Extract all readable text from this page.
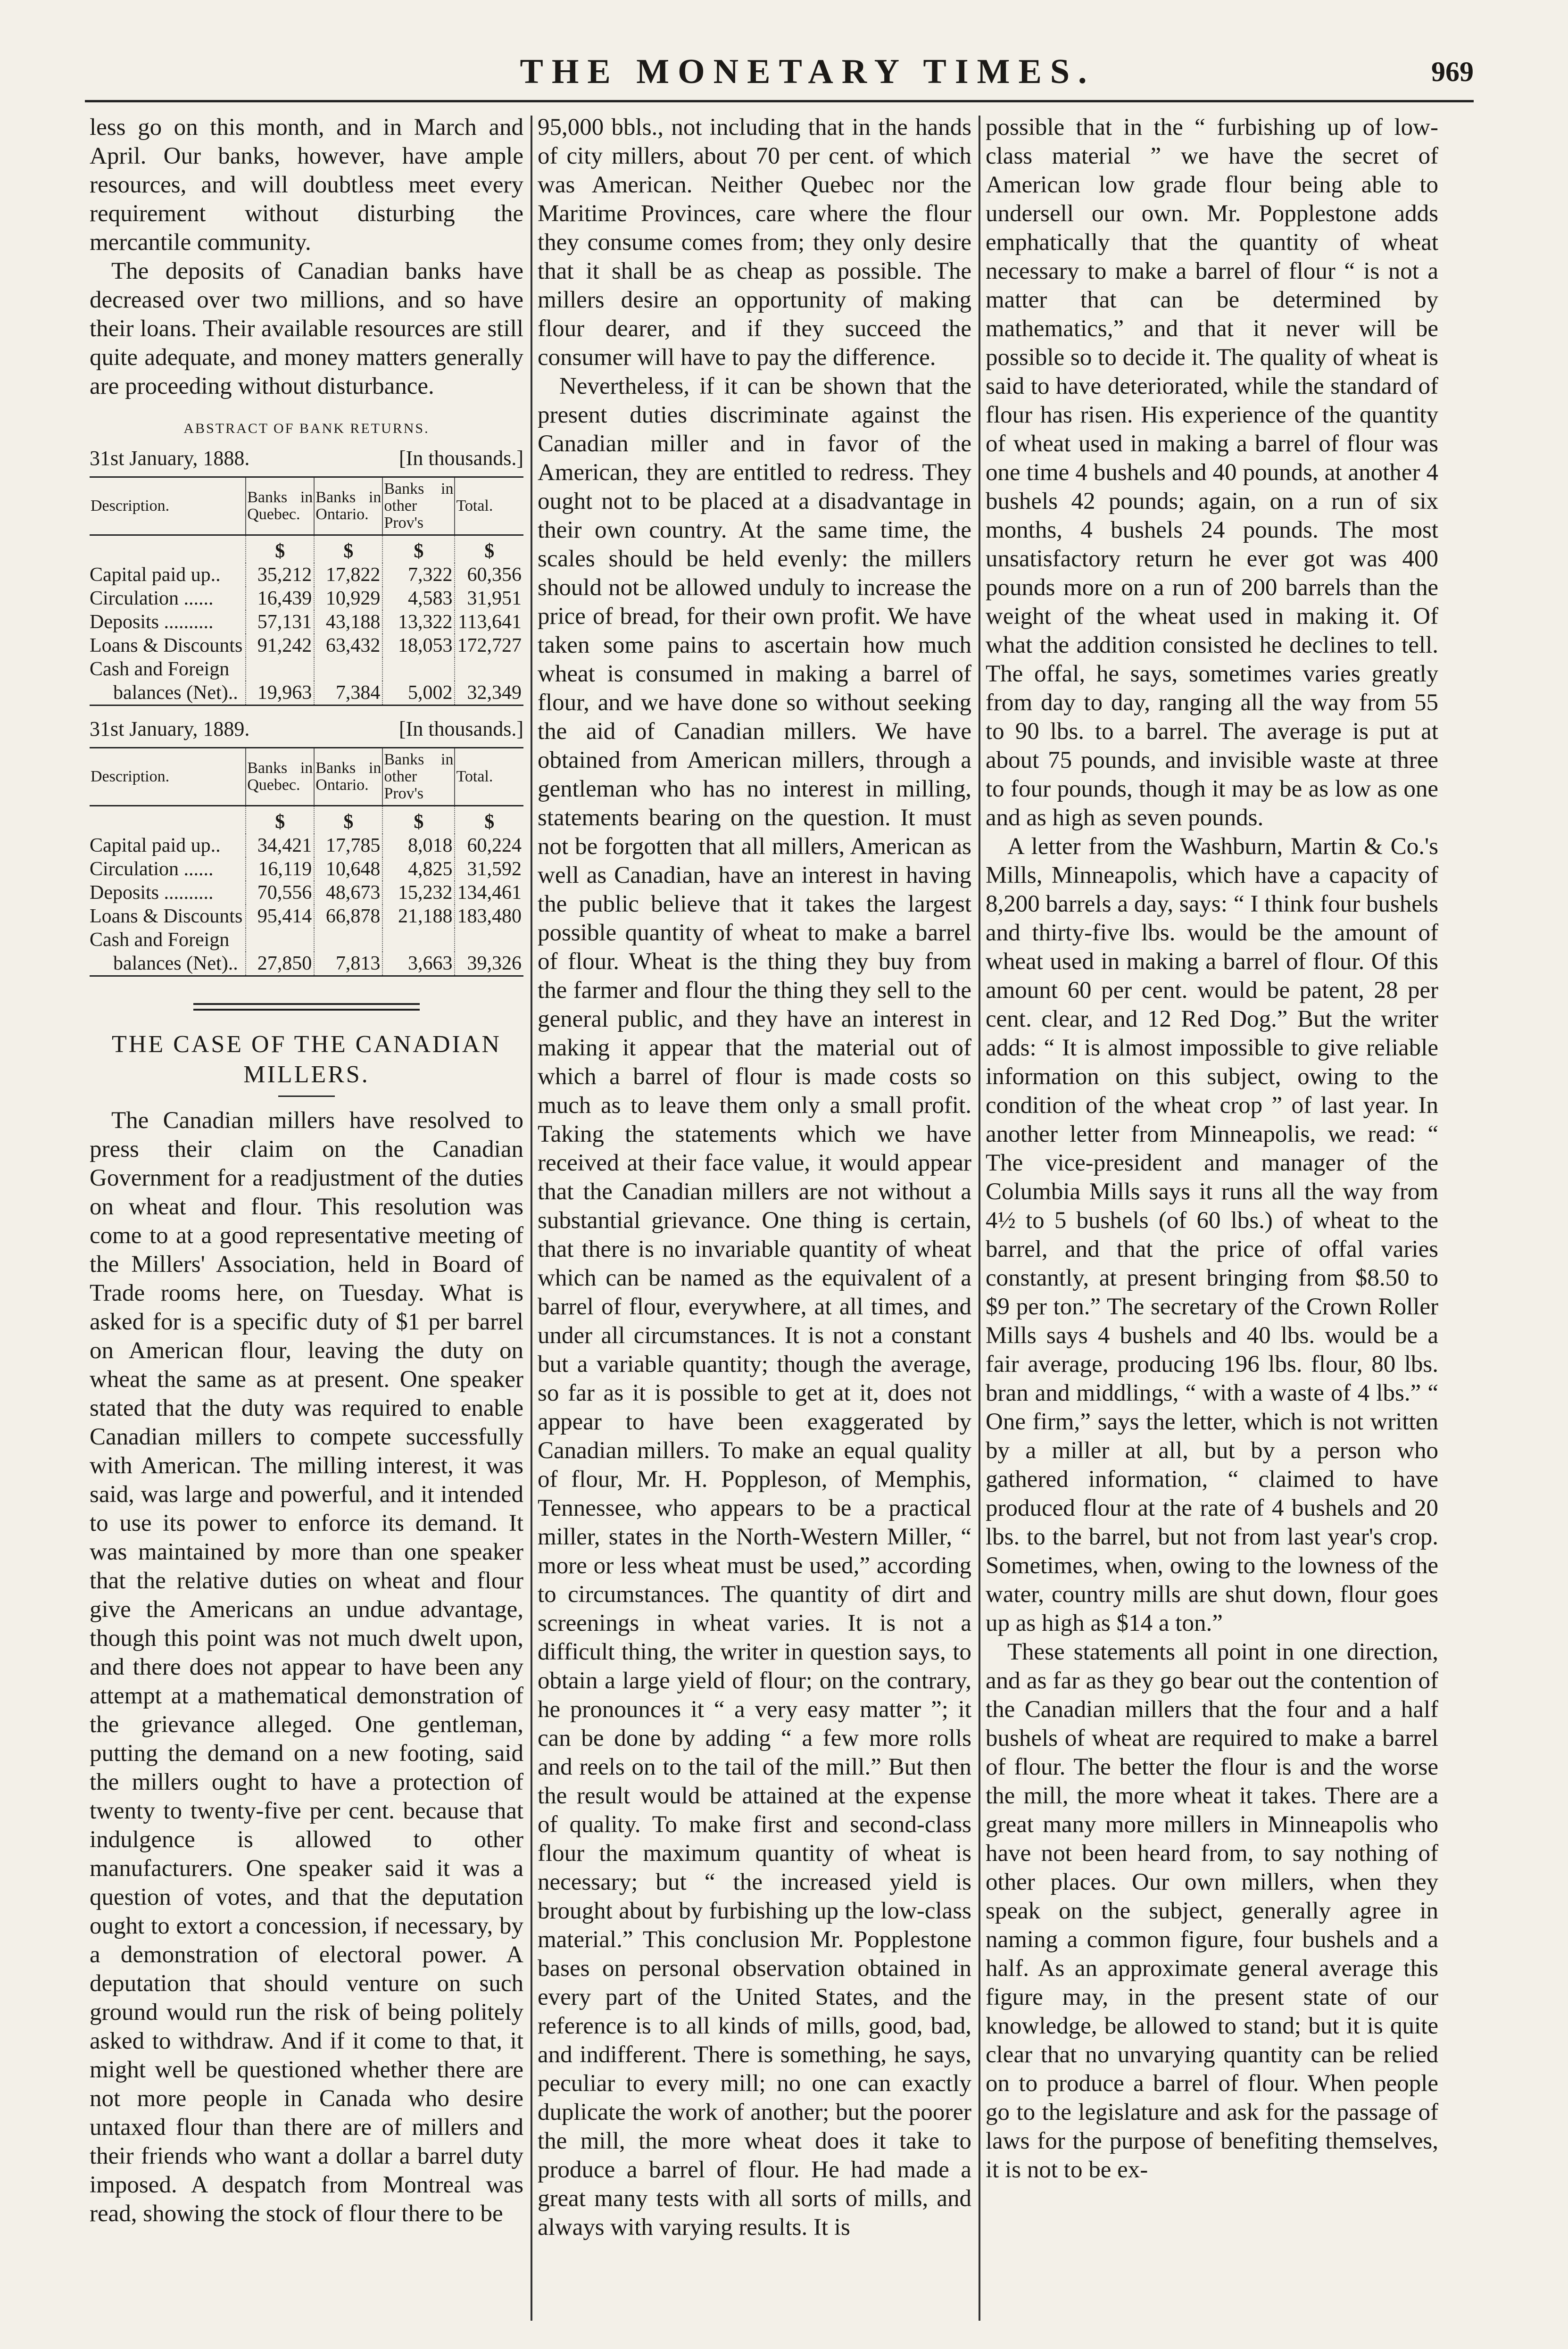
THE MONETARY TIMES.	969

less go on this month, and in March and April. Our banks, however, have ample resources, and will doubtless meet every requirement without disturbing the mercantile community.

The deposits of Canadian banks have decreased over two millions, and so have their loans. Their available resources are still quite adequate, and money matters generally are proceeding without disturbance.

ABSTRACT OF BANK RETURNS.
31st January, 1888.	[In thousands.]
Description.	Banks in Quebec.	Banks in Ontario.	Banks in other Prov's	Total.
	$	$	$	$
Capital paid up..	35,212	17,822	7,322	60,356
Circulation ......	16,439	10,929	4,583	31,951
Deposits ..........	57,131	43,188	13,322	113,641
Loans & Discounts	91,242	63,432	18,053	172,727
Cash and Foreign				
balances (Net)..	19,963	7,384	5,002	32,349
31st January, 1889.	[In thousands.]
Description.	Banks in Quebec.	Banks in Ontario.	Banks in other Prov's	Total.
	$	$	$	$
Capital paid up..	34,421	17,785	8,018	60,224
Circulation ......	16,119	10,648	4,825	31,592
Deposits ..........	70,556	48,673	15,232	134,461
Loans & Discounts	95,414	66,878	21,188	183,480
Cash and Foreign				
balances (Net)..	27,850	7,813	3,663	39,326
THE CASE OF THE CANADIAN MILLERS.

The Canadian millers have resolved to press their claim on the Canadian Government for a readjustment of the duties on wheat and flour. This resolution was come to at a good representative meeting of the Millers' Association, held in Board of Trade rooms here, on Tuesday. What is asked for is a specific duty of $1 per barrel on American flour, leaving the duty on wheat the same as at present. One speaker stated that the duty was required to enable Canadian millers to compete successfully with American. The milling interest, it was said, was large and powerful, and it intended to use its power to enforce its demand. It was maintained by more than one speaker that the relative duties on wheat and flour give the Americans an undue advantage, though this point was not much dwelt upon, and there does not appear to have been any attempt at a mathematical demonstration of the grievance alleged. One gentleman, putting the demand on a new footing, said the millers ought to have a protection of twenty to twenty-five per cent. because that indulgence is allowed to other manufacturers. One speaker said it was a question of votes, and that the deputation ought to extort a concession, if necessary, by a demonstration of electoral power. A deputation that should venture on such ground would run the risk of being politely asked to withdraw. And if it come to that, it might well be questioned whether there are not more people in Canada who desire untaxed flour than there are of millers and their friends who want a dollar a barrel duty imposed. A despatch from Montreal was read, showing the stock of flour there to be

95,000 bbls., not including that in the hands of city millers, about 70 per cent. of which was American. Neither Quebec nor the Maritime Provinces, care where the flour they consume comes from; they only desire that it shall be as cheap as possible. The millers desire an opportunity of making flour dearer, and if they succeed the consumer will have to pay the difference.

Nevertheless, if it can be shown that the present duties discriminate against the Canadian miller and in favor of the American, they are entitled to redress. They ought not to be placed at a disadvantage in their own country. At the same time, the scales should be held evenly: the millers should not be allowed unduly to increase the price of bread, for their own profit. We have taken some pains to ascertain how much wheat is consumed in making a barrel of flour, and we have done so without seeking the aid of Canadian millers. We have obtained from American millers, through a gentleman who has no interest in milling, statements bearing on the question. It must not be forgotten that all millers, American as well as Canadian, have an interest in having the public believe that it takes the largest possible quantity of wheat to make a barrel of flour. Wheat is the thing they buy from the farmer and flour the thing they sell to the general public, and they have an interest in making it appear that the material out of which a barrel of flour is made costs so much as to leave them only a small profit. Taking the statements which we have received at their face value, it would appear that the Canadian millers are not without a substantial grievance. One thing is certain, that there is no invariable quantity of wheat which can be named as the equivalent of a barrel of flour, everywhere, at all times, and under all circumstances. It is not a constant but a variable quantity; though the average, so far as it is possible to get at it, does not appear to have been exaggerated by Canadian millers. To make an equal quality of flour, Mr. H. Poppleson, of Memphis, Tennessee, who appears to be a practical miller, states in the North-Western Miller, “ more or less wheat must be used,” according to circumstances. The quantity of dirt and screenings in wheat varies. It is not a difficult thing, the writer in question says, to obtain a large yield of flour; on the contrary, he pronounces it “ a very easy matter ”; it can be done by adding “ a few more rolls and reels on to the tail of the mill.” But then the result would be attained at the expense of quality. To make first and second-class flour the maximum quantity of wheat is necessary; but “ the increased yield is brought about by furbishing up the low-class material.” This conclusion Mr. Popplestone bases on personal observation obtained in every part of the United States, and the reference is to all kinds of mills, good, bad, and indifferent. There is something, he says, peculiar to every mill; no one can exactly duplicate the work of another; but the poorer the mill, the more wheat does it take to produce a barrel of flour. He had made a great many tests with all sorts of mills, and always with varying results. It is

possible that in the “ furbishing up of low-class material ” we have the secret of American low grade flour being able to undersell our own. Mr. Popplestone adds emphatically that the quantity of wheat necessary to make a barrel of flour “ is not a matter that can be determined by mathematics,” and that it never will be possible so to decide it. The quality of wheat is said to have deteriorated, while the standard of flour has risen. His experience of the quantity of wheat used in making a barrel of flour was one time 4 bushels and 40 pounds, at another 4 bushels 42 pounds; again, on a run of six months, 4 bushels 24 pounds. The most unsatisfactory return he ever got was 400 pounds more on a run of 200 barrels than the weight of the wheat used in making it. Of what the addition consisted he declines to tell. The offal, he says, sometimes varies greatly from day to day, ranging all the way from 55 to 90 lbs. to a barrel. The average is put at about 75 pounds, and invisible waste at three to four pounds, though it may be as low as one and as high as seven pounds.

A letter from the Washburn, Martin & Co.'s Mills, Minneapolis, which have a capacity of 8,200 barrels a day, says: “ I think four bushels and thirty-five lbs. would be the amount of wheat used in making a barrel of flour. Of this amount 60 per cent. would be patent, 28 per cent. clear, and 12 Red Dog.” But the writer adds: “ It is almost impossible to give reliable information on this subject, owing to the condition of the wheat crop ” of last year. In another letter from Minneapolis, we read: “ The vice-president and manager of the Columbia Mills says it runs all the way from 4½ to 5 bushels (of 60 lbs.) of wheat to the barrel, and that the price of offal varies constantly, at present bringing from $8.50 to $9 per ton.” The secretary of the Crown Roller Mills says 4 bushels and 40 lbs. would be a fair average, producing 196 lbs. flour, 80 lbs. bran and middlings, “ with a waste of 4 lbs.” “ One firm,” says the letter, which is not written by a miller at all, but by a person who gathered information, “ claimed to have produced flour at the rate of 4 bushels and 20 lbs. to the barrel, but not from last year's crop. Sometimes, when, owing to the lowness of the water, country mills are shut down, flour goes up as high as $14 a ton.”

These statements all point in one direction, and as far as they go bear out the contention of the Canadian millers that the four and a half bushels of wheat are required to make a barrel of flour. The better the flour is and the worse the mill, the more wheat it takes. There are a great many more millers in Minneapolis who have not been heard from, to say nothing of other places. Our own millers, when they speak on the subject, generally agree in naming a common figure, four bushels and a half. As an approximate general average this figure may, in the present state of our knowledge, be allowed to stand; but it is quite clear that no unvarying quantity can be relied on to produce a barrel of flour. When people go to the legislature and ask for the passage of laws for the purpose of benefiting themselves, it is not to be ex-
